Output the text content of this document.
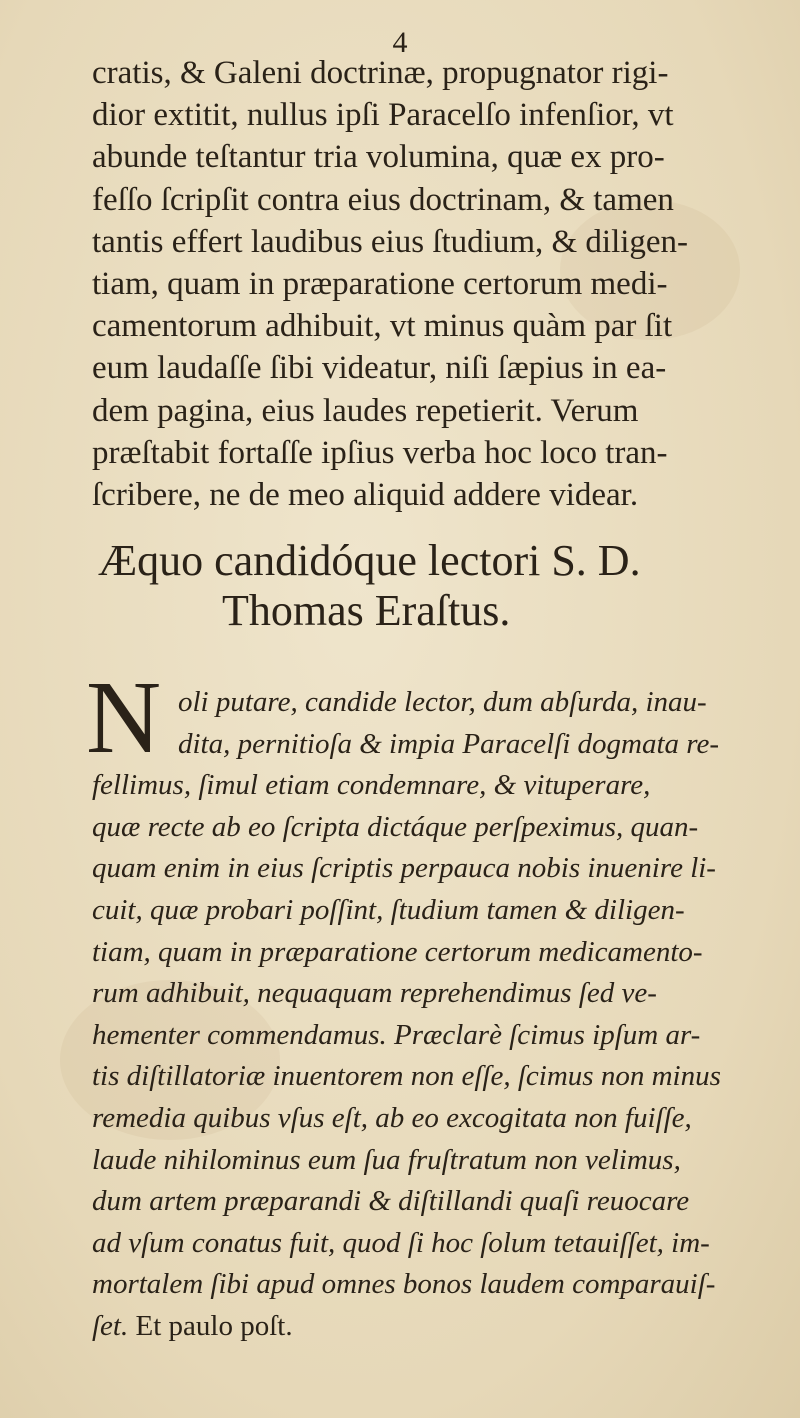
4
cratis, & Galeni doctrinæ, propugnator rigi-
dior extitit, nullus ipſi Paracelſo infenſior, vt
abunde teſtantur tria volumina, quæ ex pro-
feſſo ſcripſit contra eius doctrinam, & tamen
tantis effert laudibus eius ſtudium, & diligen-
tiam, quam in præparatione certorum medi-
camentorum adhibuit, vt minus quàm par ſit
eum laudaſſe ſibi videatur, niſi ſæpius in ea-
dem pagina, eius laudes repetierit. Verum
præſtabit fortaſſe ipſius verba hoc loco tran-
ſcribere, ne de meo aliquid addere videar.
Æquo candidóque lectori S. D.
Thomas Eraſtus.
N oli putare, candide lector, dum abſurda, inau-
dita, pernitioſa & impia Paracelſi dogmata re-
fellimus, ſimul etiam condemnare, & vituperare,
quæ recte ab eo ſcripta dictáque perſpeximus, quan-
quam enim in eius ſcriptis perpauca nobis inuenire li-
cuit, quæ probari poſſint, ſtudium tamen & diligen-
tiam, quam in præparatione certorum medicamento-
rum adhibuit, nequaquam reprehendimus ſed ve-
hementer commendamus. Præclarè ſcimus ipſum ar-
tis diſtillatoriæ inuentorem non eſſe, ſcimus non minus
remedia quibus vſus eſt, ab eo excogitata non fuiſſe,
laude nihilominus eum ſua fruſtratum non velimus,
dum artem præparandi & diſtillandi quaſi reuocare
ad vſum conatus fuit, quod ſi hoc ſolum tetauiſſet, im-
mortalem ſibi apud omnes bonos laudem comparauiſ-
ſet. Et paulo poſt.
